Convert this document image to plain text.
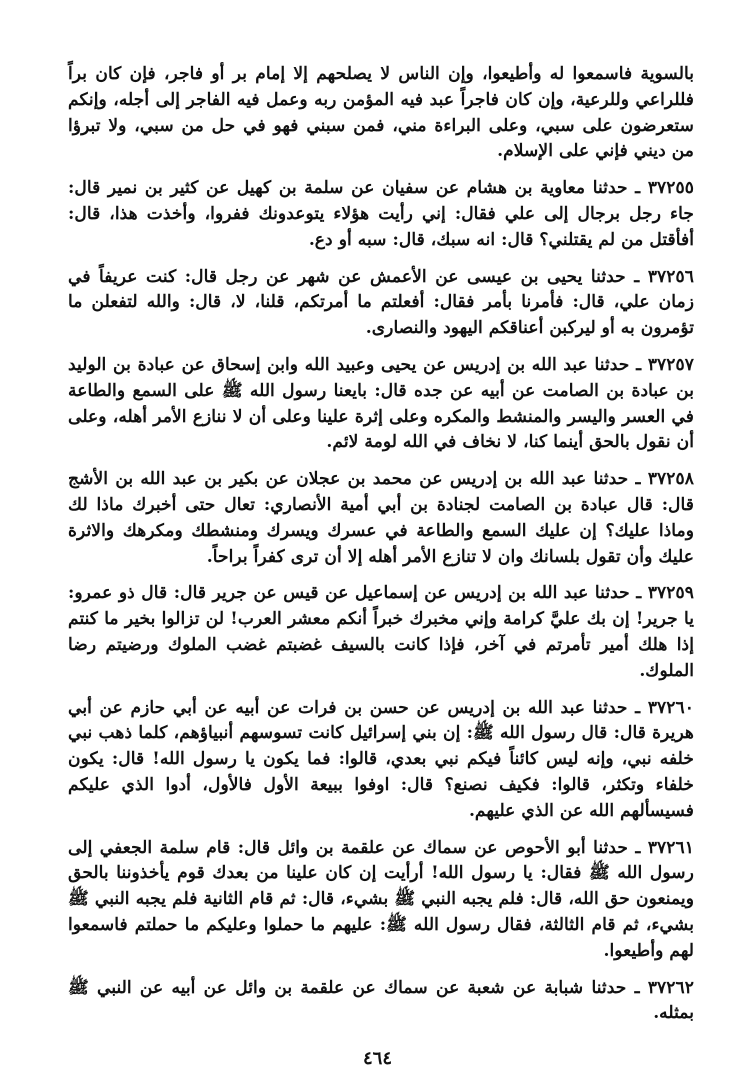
بالسوية فاسمعوا له وأطيعوا، وإن الناس لا يصلحهم إلا إمام بر أو فاجر، فإن كان براً فللراعي وللرعية، وإن كان فاجراً عبد فيه المؤمن ربه وعمل فيه الفاجر إلى أجله، وإنكم ستعرضون على سبي، وعلى البراءة مني، فمن سبني فهو في حل من سبي، ولا تبرؤا من ديني فإني على الإسلام.

٣٧٢٥٥ ـ حدثنا معاوية بن هشام عن سفيان عن سلمة بن كهيل عن كثير بن نمير قال: جاء رجل برجال إلى علي فقال: إني رأيت هؤلاء يتوعدونك ففروا، وأخذت هذا، قال: أفأقتل من لم يقتلني؟ قال: انه سبك، قال: سبه أو دع.

٣٧٢٥٦ ـ حدثنا يحيى بن عيسى عن الأعمش عن شهر عن رجل قال: كنت عريفاً في زمان علي، قال: فأمرنا بأمر فقال: أفعلتم ما أمرتكم، قلنا، لا، قال: والله لتفعلن ما تؤمرون به أو ليركبن أعناقكم اليهود والنصارى.

٣٧٢٥٧ ـ حدثنا عبد الله بن إدريس عن يحيى وعبيد الله وابن إسحاق عن عبادة بن الوليد بن عبادة بن الصامت عن أبيه عن جده قال: بايعنا رسول الله ﷺ على السمع والطاعة في العسر واليسر والمنشط والمكره وعلى إثرة علينا وعلى أن لا ننازع الأمر أهله، وعلى أن نقول بالحق أينما كنا، لا نخاف في الله لومة لائم.

٣٧٢٥٨ ـ حدثنا عبد الله بن إدريس عن محمد بن عجلان عن بكير بن عبد الله بن الأشج قال: قال عبادة بن الصامت لجنادة بن أبي أمية الأنصاري: تعال حتى أخبرك ماذا لك وماذا عليك؟ إن عليك السمع والطاعة في عسرك ويسرك ومنشطك ومكرهك والاثرة عليك وأن تقول بلسانك وان لا تنازع الأمر أهله إلا أن ترى كفراً براحاً.

٣٧٢٥٩ ـ حدثنا عبد الله بن إدريس عن إسماعيل عن قيس عن جرير قال: قال ذو عمرو: يا جرير! إن بك عليَّ كرامة وإني مخبرك خبراً أنكم معشر العرب! لن تزالوا بخير ما كنتم إذا هلك أمير تأمرتم في آخر، فإذا كانت بالسيف غضبتم غضب الملوك ورضيتم رضا الملوك.

٣٧٢٦٠ ـ حدثنا عبد الله بن إدريس عن حسن بن فرات عن أبيه عن أبي حازم عن أبي هريرة قال: قال رسول الله ﷺ: إن بني إسرائيل كانت تسوسهم أنبياؤهم، كلما ذهب نبي خلفه نبي، وإنه ليس كائناً فيكم نبي بعدي، قالوا: فما يكون يا رسول الله! قال: يكون خلفاء وتكثر، قالوا: فكيف نصنع؟ قال: اوفوا ببيعة الأول فالأول، أدوا الذي عليكم فسيسألهم الله عن الذي عليهم.

٣٧٢٦١ ـ حدثنا أبو الأحوص عن سماك عن علقمة بن وائل قال: قام سلمة الجعفي إلى رسول الله ﷺ فقال: يا رسول الله! أرأيت إن كان علينا من بعدك قوم يأخذوننا بالحق ويمنعون حق الله، قال: فلم يجبه النبي ﷺ بشيء، قال: ثم قام الثانية فلم يجبه النبي ﷺ بشيء، ثم قام الثالثة، فقال رسول الله ﷺ: عليهم ما حملوا وعليكم ما حملتم فاسمعوا لهم وأطيعوا.

٣٧٢٦٢ ـ حدثنا شبابة عن شعبة عن سماك عن علقمة بن وائل عن أبيه عن النبي ﷺ بمثله.

٤٦٤
